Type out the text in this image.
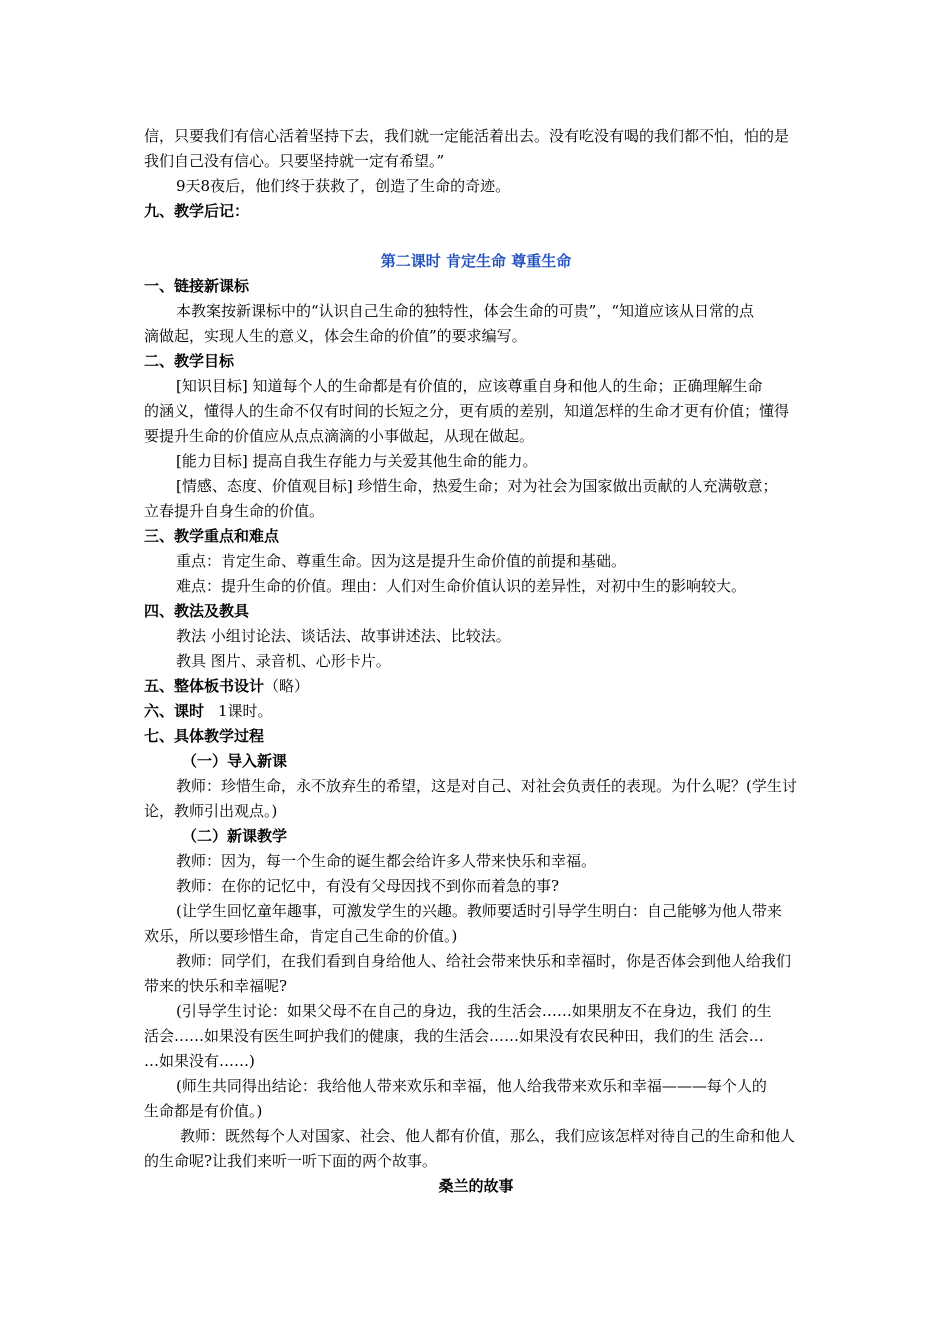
信，只要我们有信心活着坚持下去，我们就一定能活着出去。没有吃没有喝的我们都不怕，怕的是
我们自己没有信心。只要坚持就一定有希望。”
9天8夜后，他们终于获救了，创造了生命的奇迹。
九、教学后记：
第二课时 肯定生命 尊重生命
一、链接新课标
本教案按新课标中的“认识自己生命的独特性，体会生命的可贵”，“知道应该从日常的点
滴做起，实现人生的意义，体会生命的价值”的要求编写。
二、教学目标
[知识目标] 知道每个人的生命都是有价值的，应该尊重自身和他人的生命；正确理解生命
的涵义，懂得人的生命不仅有时间的长短之分，更有质的差别，知道怎样的生命才更有价值；懂得
要提升生命的价值应从点点滴滴的小事做起，从现在做起。
[能力目标] 提高自我生存能力与关爱其他生命的能力。
[情感、态度、价值观目标] 珍惜生命，热爱生命；对为社会为国家做出贡献的人充满敬意；
立春提升自身生命的价值。
三、教学重点和难点
重点：肯定生命、尊重生命。因为这是提升生命价值的前提和基础。
难点：提升生命的价值。理由：人们对生命价值认识的差异性，对初中生的影响较大。
四、教法及教具
教法 小组讨论法、谈话法、故事讲述法、比较法。
教具 图片、录音机、心形卡片。
五、整体板书设计（略）
六、课时 1课时。
七、具体教学过程
（一）导入新课
教师：珍惜生命，永不放弃生的希望，这是对自己、对社会负责任的表现。为什么呢？(学生讨
论，教师引出观点。)
（二）新课教学
教师：因为，每一个生命的诞生都会给许多人带来快乐和幸福。
教师：在你的记忆中，有没有父母因找不到你而着急的事?
(让学生回忆童年趣事，可激发学生的兴趣。教师要适时引导学生明白：自己能够为他人带来
欢乐，所以要珍惜生命，肯定自己生命的价值。)
教师：同学们，在我们看到自身给他人、给社会带来快乐和幸福时，你是否体会到他人给我们
带来的快乐和幸福呢?
(引导学生讨论：如果父母不在自己的身边，我的生活会……如果朋友不在身边，我们 的生
活会……如果没有医生呵护我们的健康，我的生活会……如果没有农民种田，我们的生 活会…
…如果没有……)
(师生共同得出结论：我给他人带来欢乐和幸福，他人给我带来欢乐和幸福———每个人的
生命都是有价值。)
教师：既然每个人对国家、社会、他人都有价值，那么，我们应该怎样对待自己的生命和他人
的生命呢?让我们来听一听下面的两个故事。
桑兰的故事
